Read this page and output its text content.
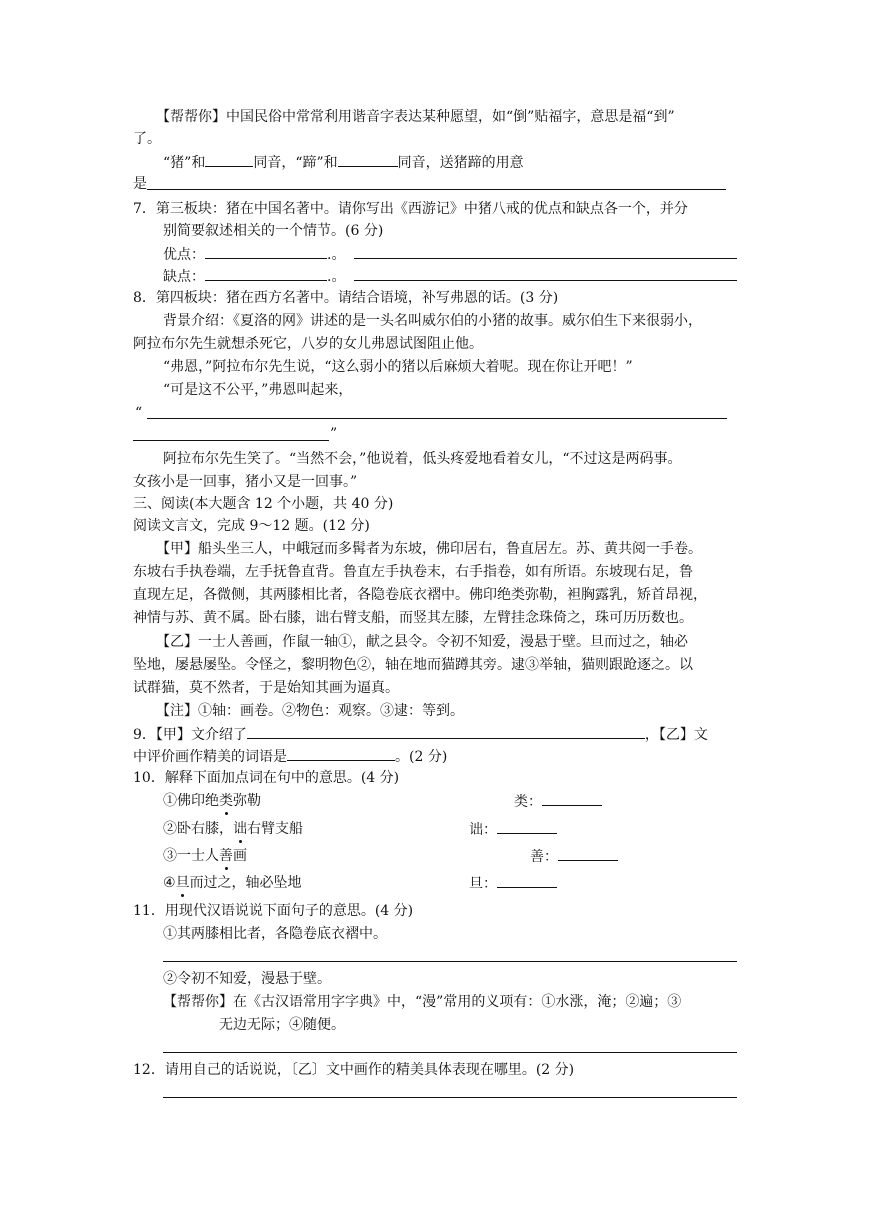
【帮帮你】中国民俗中常常利用谐音字表达某种愿望，如“倒”贴福字，意思是福“到”
了。
“猪”和	同音，“蹄”和	同音，送猪蹄的用意
是
7．第三板块：猪在中国名著中。请你写出《西游记》中猪八戒的优点和缺点各一个，并分
别简要叙述相关的一个情节。(6 分)
优点：	.。
缺点：	.。
8．第四板块：猪在西方名著中。请结合语境，补写弗恩的话。(3 分)
背景介绍：《夏洛的网》讲述的是一头名叫威尔伯的小猪的故事。威尔伯生下来很弱小，
阿拉布尔先生就想杀死它，八岁的女儿弗恩试图阻止他。
“弗恩，”阿拉布尔先生说，“这么弱小的猪以后麻烦大着呢。现在你让开吧！”
“可是这不公平，”弗恩叫起来，
“
”
阿拉布尔先生笑了。“当然不会，”他说着，低头疼爱地看着女儿，“不过这是两码事。
女孩小是一回事，猪小又是一回事。”
三、阅读(本大题含 12 个小题，共 40 分)
阅读文言文，完成 9～12 题。(12 分)
【甲】船头坐三人，中峨冠而多髯者为东坡，佛印居右，鲁直居左。苏、黄共阅一手卷。
东坡右手执卷端，左手抚鲁直背。鲁直左手执卷末，右手指卷，如有所语。东坡现右足，鲁
直现左足，各微侧，其两膝相比者，各隐卷底衣褶中。佛印绝类弥勒，袒胸露乳，矫首昂视，
神情与苏、黄不属。卧右膝，诎右臂支船，而竖其左膝，左臂挂念珠倚之，珠可历历数也。
【乙】一士人善画，作鼠一轴①，献之县令。令初不知爱，漫悬于壁。旦而过之，轴必
坠地，屡悬屡坠。令怪之，黎明物色②，轴在地而猫蹲其旁。逮③举轴，猫则跟跄逐之。以
试群猫，莫不然者，于是始知其画为逼真。
【注】①轴：画卷。②物色：观察。③逮：等到。
9．【甲】文介绍了	，【乙】文
中评价画作精美的词语是	。(2 分)
10．解释下面加点词在句中的意思。(4 分)
①佛印绝类弥勒	类：
②卧右膝，诎右臂支船	诎：
③一士人善画	善：
④旦而过之，轴必坠地	旦：
11．用现代汉语说说下面句子的意思。(4 分)
①其两膝相比者，各隐卷底衣褶中。
②令初不知爱，漫悬于壁。
【帮帮你】在《古汉语常用字字典》中，“漫”常用的义项有：①水涨，淹；②遍；③
无边无际；④随便。
12．请用自己的话说说，〔乙〕文中画作的精美具体表现在哪里。(2 分)
